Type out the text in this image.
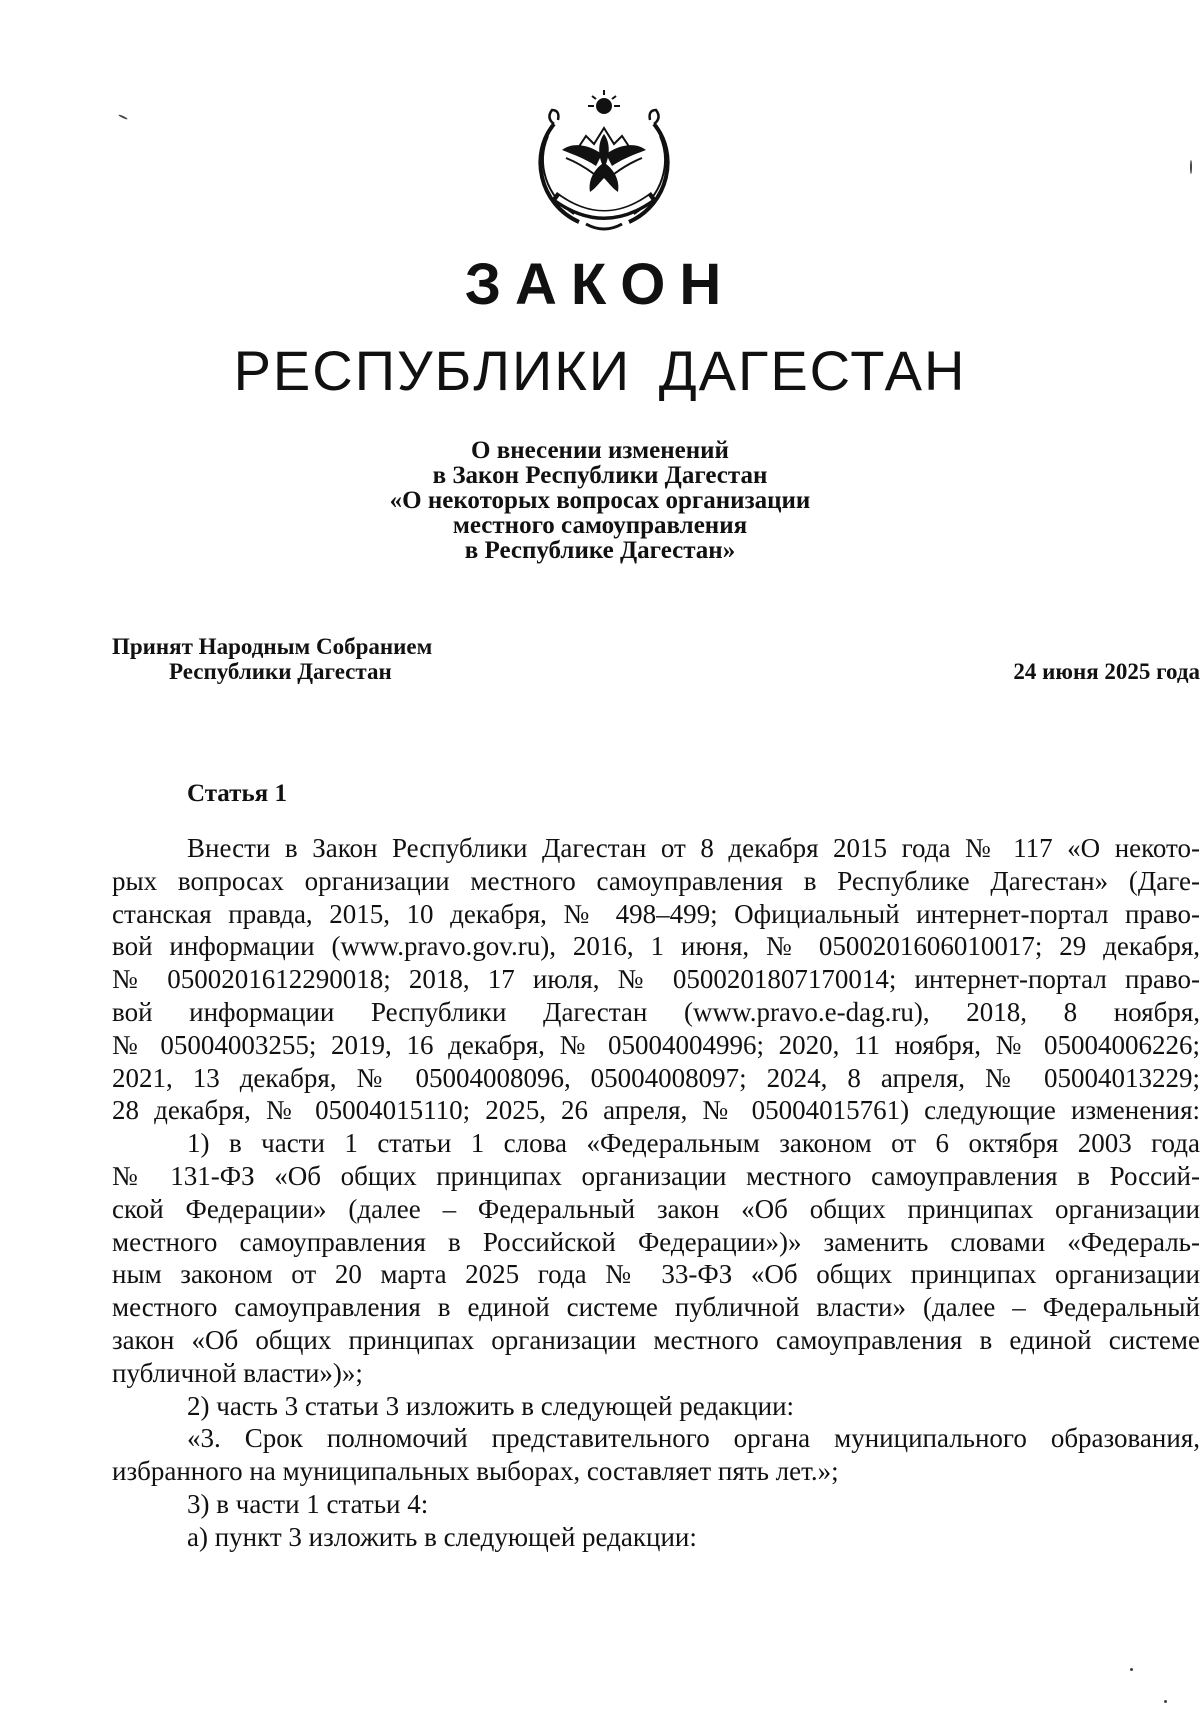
ЗАКОН
РЕСПУБЛИКИ ДАГЕСТАН
О внесении изменений
в Закон Республики Дагестан
«О некоторых вопросах организации
местного самоуправления
в Республике Дагестан»
Принят Народным Собранием
Республики Дагестан	24 июня 2025 года
Статья 1
Внести в Закон Республики Дагестан от 8 декабря 2015 года № 117 «О некото-
рых вопросах организации местного самоуправления в Республике Дагестан» (Даге-
станская правда, 2015, 10 декабря, № 498–499; Официальный интернет-портал право-
вой информации (www.pravo.gov.ru), 2016, 1 июня, № 0500201606010017; 29 декабря,
№ 0500201612290018; 2018, 17 июля, № 0500201807170014; интернет-портал право-
вой информации Республики Дагестан (www.pravo.e-dag.ru), 2018, 8 ноября,
№ 05004003255; 2019, 16 декабря, № 05004004996; 2020, 11 ноября, № 05004006226;
2021, 13 декабря, № 05004008096, 05004008097; 2024, 8 апреля, № 05004013229;
28 декабря, № 05004015110; 2025, 26 апреля, № 05004015761) следующие изменения:
1) в части 1 статьи 1 слова «Федеральным законом от 6 октября 2003 года
№ 131-ФЗ «Об общих принципах организации местного самоуправления в Россий-
ской Федерации» (далее – Федеральный закон «Об общих принципах организации
местного самоуправления в Российской Федерации»)» заменить словами «Федераль-
ным законом от 20 марта 2025 года № 33-ФЗ «Об общих принципах организации
местного самоуправления в единой системе публичной власти» (далее – Федеральный
закон «Об общих принципах организации местного самоуправления в единой системе
публичной власти»)»;
2) часть 3 статьи 3 изложить в следующей редакции:
«3. Срок полномочий представительного органа муниципального образования,
избранного на муниципальных выборах, составляет пять лет.»;
3) в части 1 статьи 4:
а) пункт 3 изложить в следующей редакции:
